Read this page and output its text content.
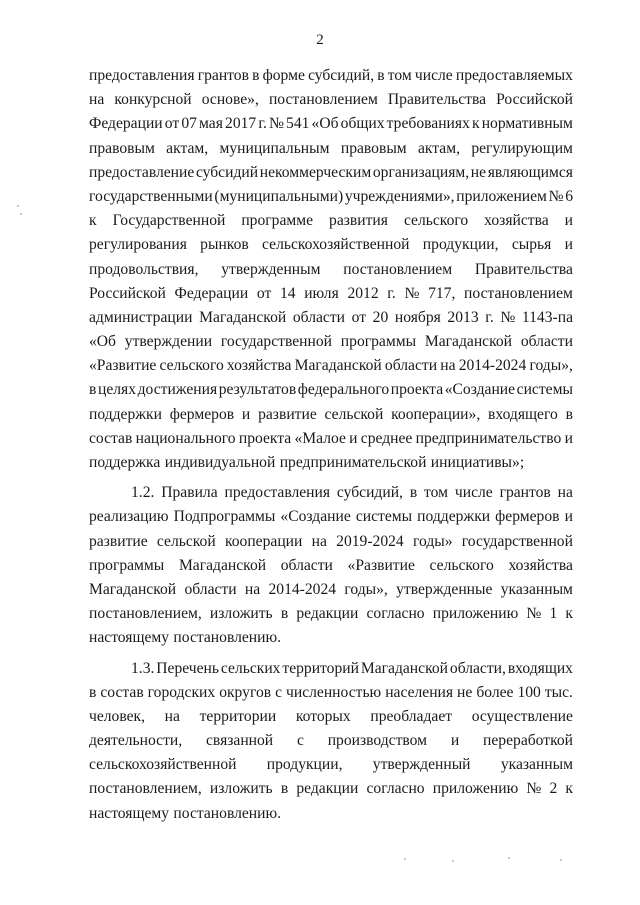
2
предоставления грантов в форме субсидий, в том числе предоставляемых
на конкурсной основе», постановлением Правительства Российской
Федерации от 07 мая 2017 г. № 541 «Об общих требованиях к нормативным
правовым актам, муниципальным правовым актам, регулирующим
предоставление субсидий некоммерческим организациям, не являющимся
государственными (муниципальными) учреждениями», приложением № 6
к Государственной программе развития сельского хозяйства и
регулирования рынков сельскохозяйственной продукции, сырья и
продовольствия, утвержденным постановлением Правительства
Российской Федерации от 14 июля 2012 г. № 717, постановлением
администрации Магаданской области от 20 ноября 2013 г. № 1143-па
«Об утверждении государственной программы Магаданской области
«Развитие сельского хозяйства Магаданской области на 2014-2024 годы»,
в целях достижения результатов федерального проекта «Создание системы
поддержки фермеров и развитие сельской кооперации», входящего в
состав национального проекта «Малое и среднее предпринимательство и
поддержка индивидуальной предпринимательской инициативы»;
1.2. Правила предоставления субсидий, в том числе грантов на
реализацию Подпрограммы «Создание системы поддержки фермеров и
развитие сельской кооперации на 2019-2024 годы» государственной
программы Магаданской области «Развитие сельского хозяйства
Магаданской области на 2014-2024 годы», утвержденные указанным
постановлением, изложить в редакции согласно приложению № 1 к
настоящему постановлению.
1.3. Перечень сельских территорий Магаданской области, входящих
в состав городских округов с численностью населения не более 100 тыс.
человек, на территории которых преобладает осуществление
деятельности, связанной с производством и переработкой
сельскохозяйственной продукции, утвержденный указанным
постановлением, изложить в редакции согласно приложению № 2 к
настоящему постановлению.
